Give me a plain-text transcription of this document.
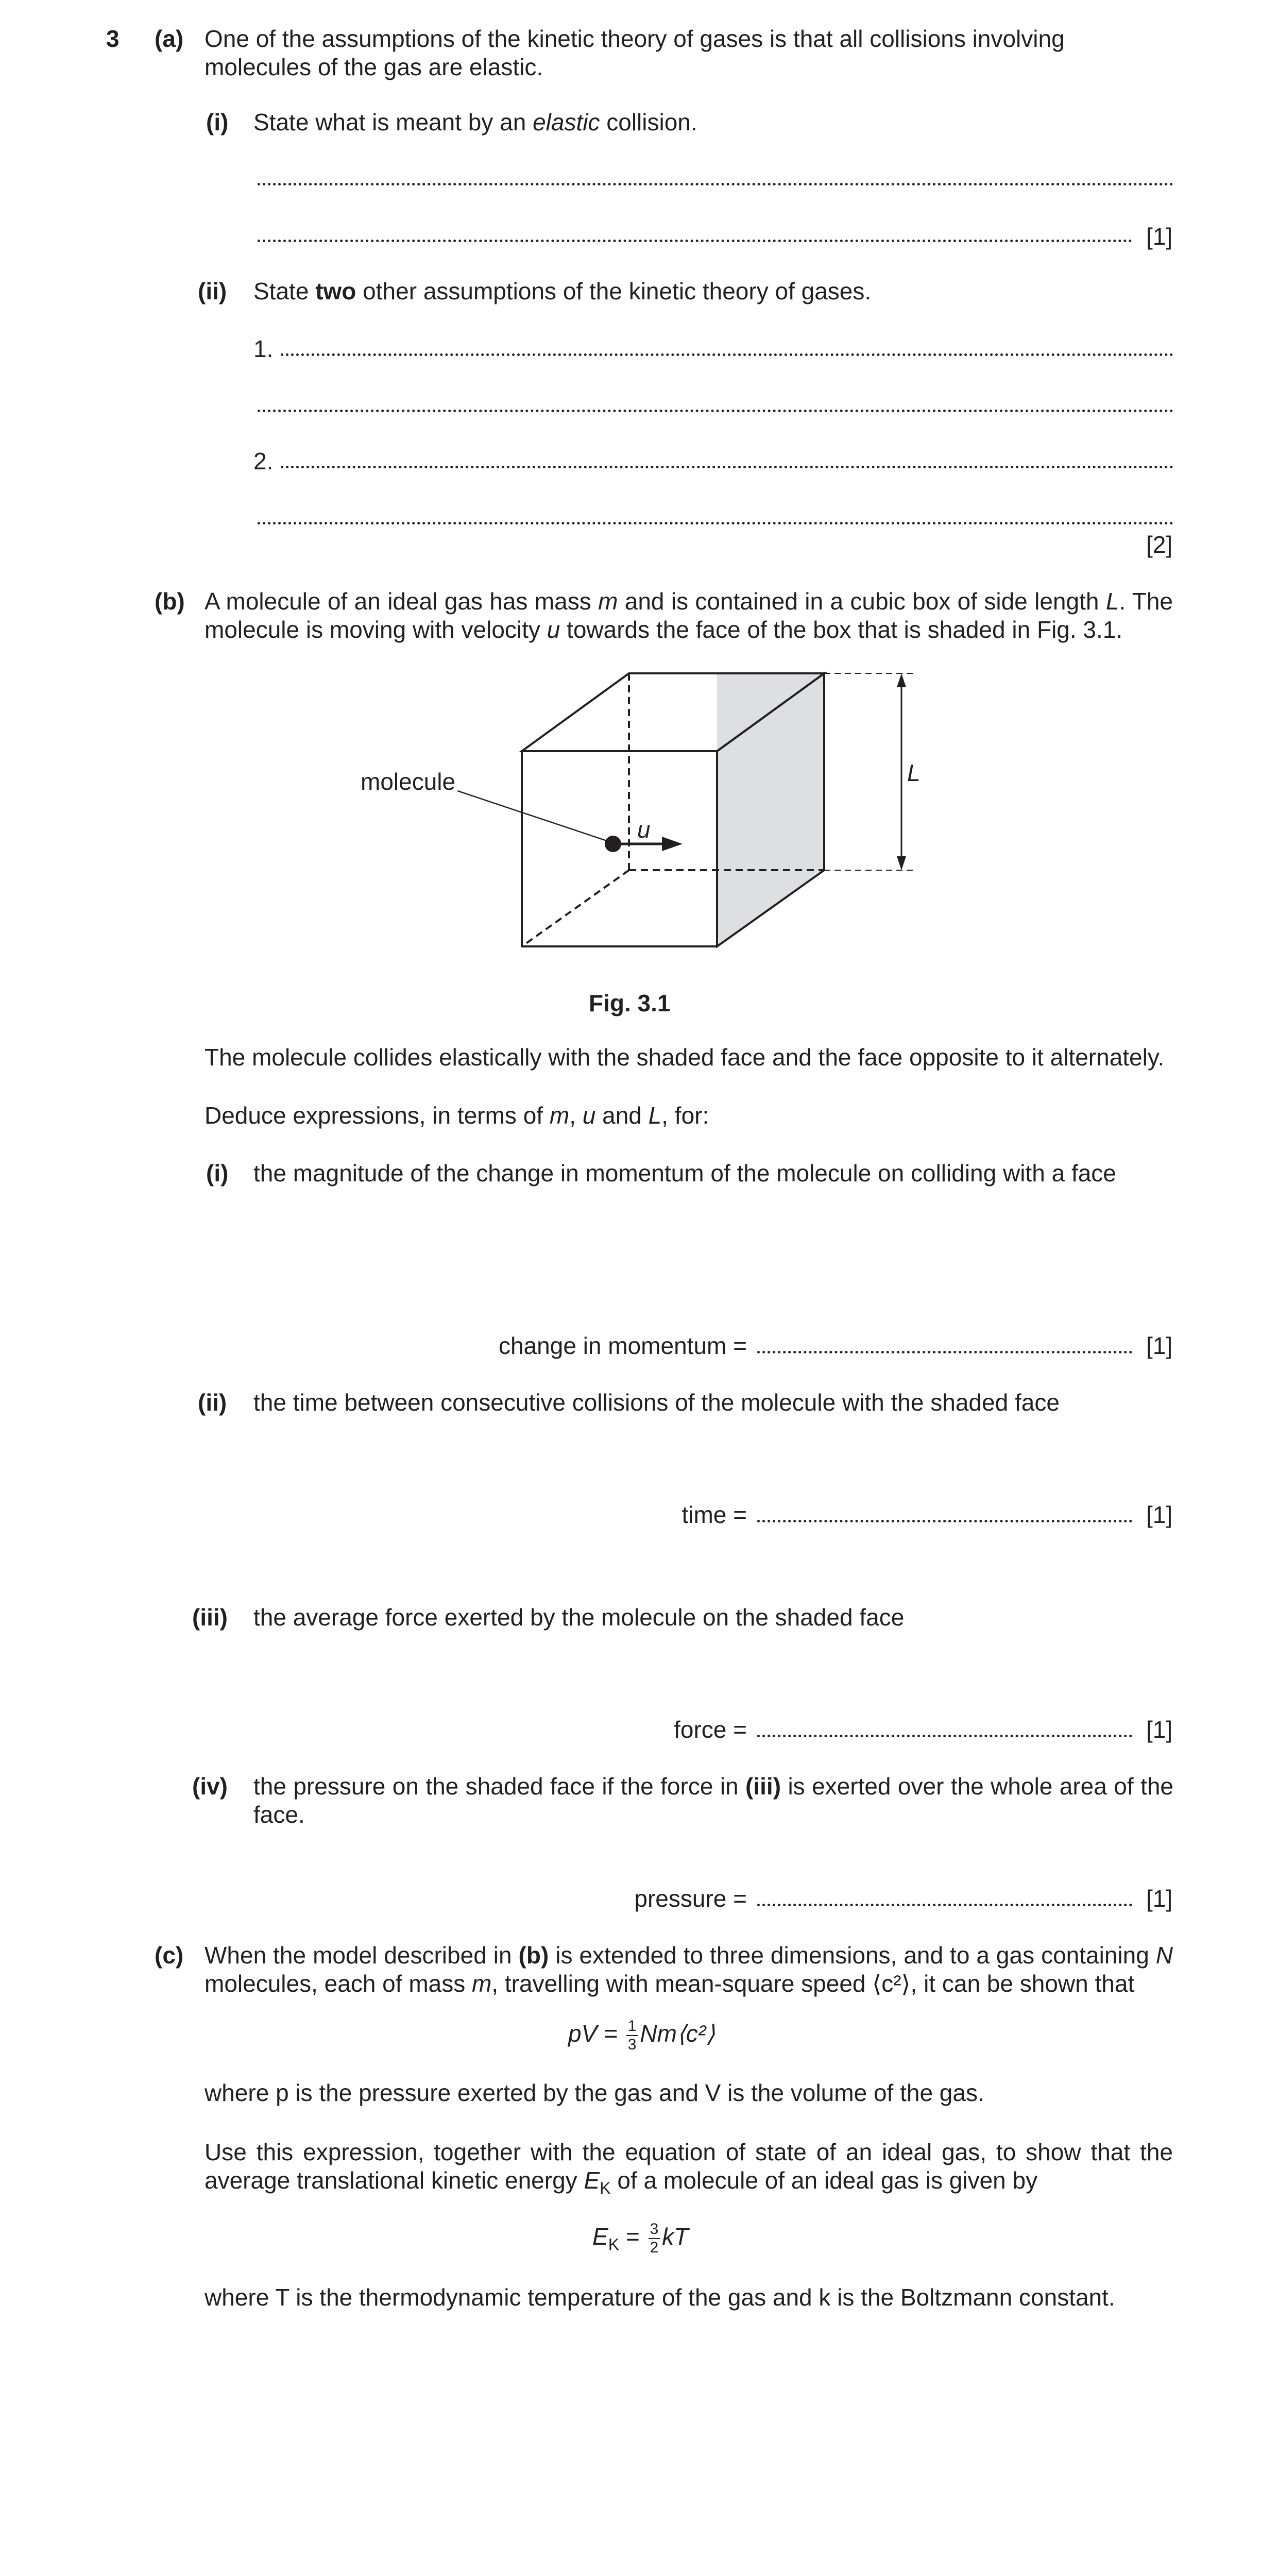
3 (a) One of the assumptions of the kinetic theory of gases is that all collisions involving molecules of the gas are elastic.
(i) State what is meant by an elastic collision.
[1]
(ii) State two other assumptions of the kinetic theory of gases.
1.
2.
[2]
(b) A molecule of an ideal gas has mass m and is contained in a cubic box of side length L. The molecule is moving with velocity u towards the face of the box that is shaded in Fig. 3.1.
molecule
u
L
Fig. 3.1
The molecule collides elastically with the shaded face and the face opposite to it alternately.
Deduce expressions, in terms of m, u and L, for:
(i) the magnitude of the change in momentum of the molecule on colliding with a face
change in momentum =	[1]
(ii) the time between consecutive collisions of the molecule with the shaded face
time =	[1]
(iii) the average force exerted by the molecule on the shaded face
force =	[1]
(iv) the pressure on the shaded face if the force in (iii) is exerted over the whole area of the face.
pressure =	[1]
(c) When the model described in (b) is extended to three dimensions, and to a gas containing N molecules, each of mass m, travelling with mean-square speed ⟨c²⟩, it can be shown that
pV = $\frac{1}{3}$ Nm⟨c²⟩
where p is the pressure exerted by the gas and V is the volume of the gas.
Use this expression, together with the equation of state of an ideal gas, to show that the average translational kinetic energy $E_K$ of a molecule of an ideal gas is given by
$E_K = \frac{3}{2}$ kT
where T is the thermodynamic temperature of the gas and k is the Boltzmann constant.
